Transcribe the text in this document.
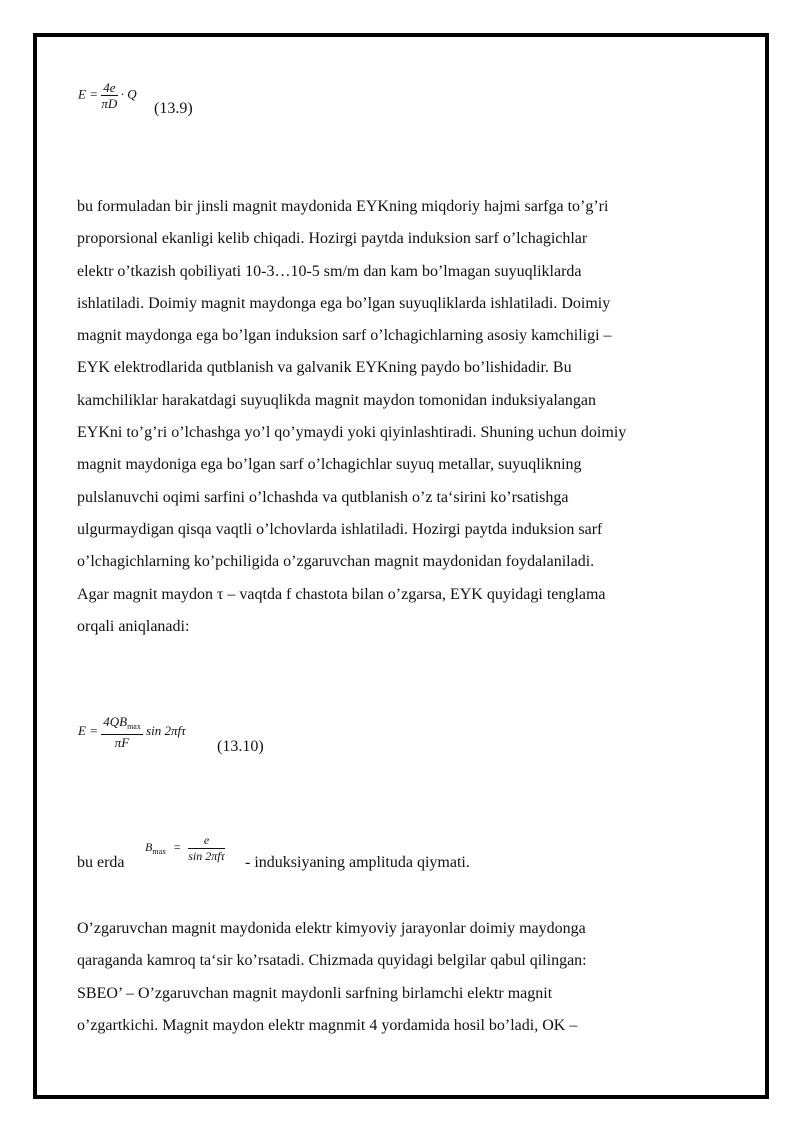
$E = \frac{4e}{\pi D} \cdot Q$
(13.9)
bu formuladan bir jinsli magnit maydonida EYKning miqdoriy hajmi sarfga to’g’ri
proporsional ekanligi kelib chiqadi. Hozirgi paytda induksion sarf o’lchagichlar
elektr o’tkazish qobiliyati 10-3…10-5 sm/m dan kam bo’lmagan suyuqliklarda
ishlatiladi. Doimiy magnit maydonga ega bo’lgan suyuqliklarda ishlatiladi. Doimiy
magnit maydonga ega bo’lgan induksion sarf o’lchagichlarning asosiy kamchiligi –
EYK elektrodlarida qutblanish va galvanik EYKning paydo bo’lishidadir. Bu
kamchiliklar harakatdagi suyuqlikda magnit maydon tomonidan induksiyalangan
EYKni to’g’ri o’lchashga yo’l qo’ymaydi yoki qiyinlashtiradi. Shuning uchun doimiy
magnit maydoniga ega bo’lgan sarf o’lchagichlar suyuq metallar, suyuqlikning
pulslanuvchi oqimi sarfini o’lchashda va qutblanish o’z ta‘sirini ko’rsatishga
ulgurmaydigan qisqa vaqtli o’lchovlarda ishlatiladi. Hozirgi paytda induksion sarf
o’lchagichlarning ko’pchiligida o’zgaruvchan magnit maydonidan foydalaniladi.
Agar magnit maydon τ – vaqtda f chastota bilan o’zgarsa, EYK quyidagi tenglama
orqali aniqlanadi:
$E = \frac{4QB_{max}}{\pi F}$ sin 2πfτ
(13.10)
bu erda
$B_{max} = \frac{e}{\text{sin 2πfτ}}$ - induksiyaning amplituda qiymati.
O’zgaruvchan magnit maydonida elektr kimyoviy jarayonlar doimiy maydonga
qaraganda kamroq ta‘sir ko’rsatadi. Chizmada quyidagi belgilar qabul qilingan:
SBEO’ – O’zgaruvchan magnit maydonli sarfning birlamchi elektr magnit
o’zgartkichi. Magnit maydon elektr magnmit 4 yordamida hosil bo’ladi, OK –
